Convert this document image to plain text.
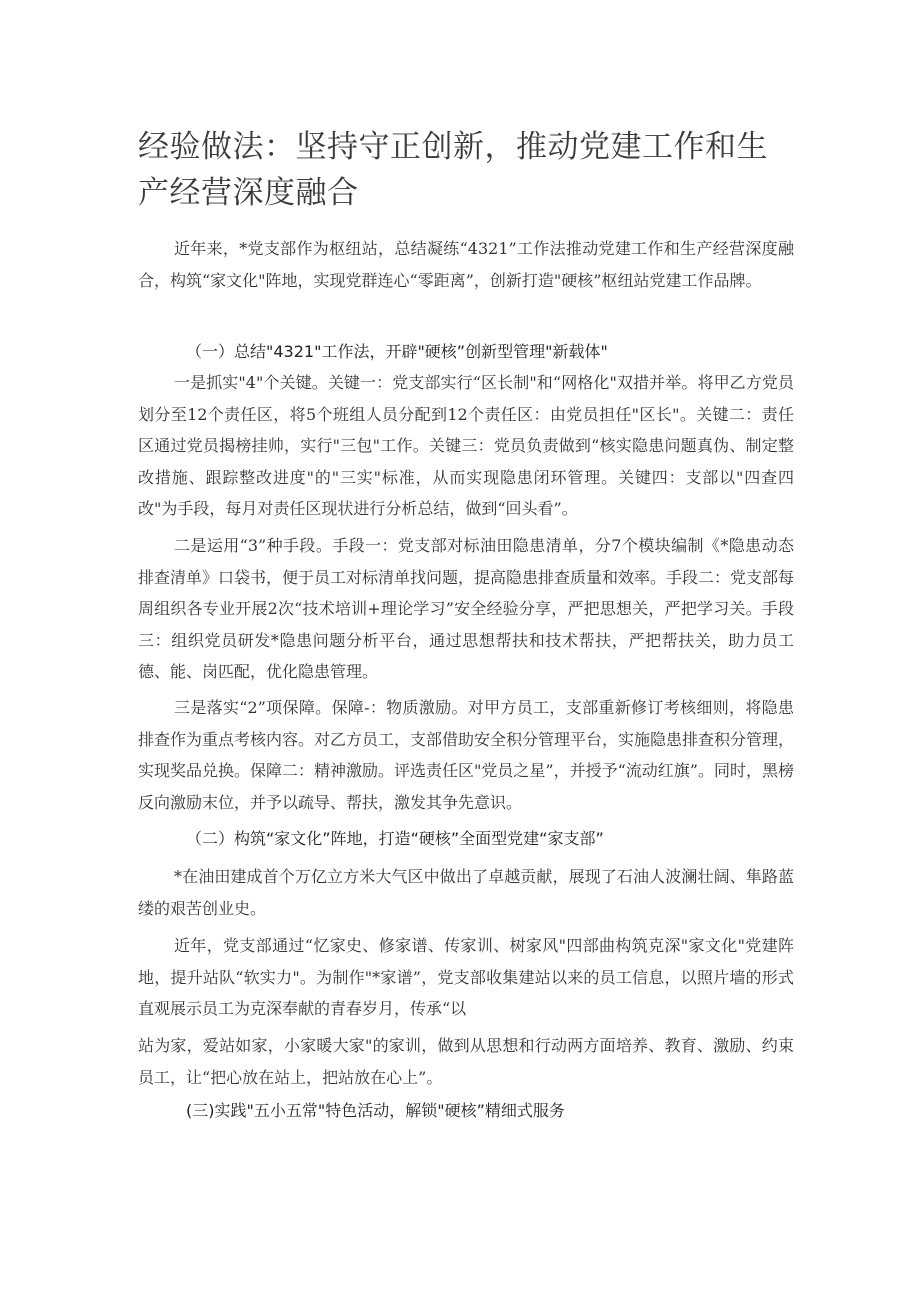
经验做法：坚持守正创新，推动党建工作和生产经营深度融合

近年来，*党支部作为枢纽站，总结凝练“4321”工作法推动党建工作和生产经营深度融合，构筑“家文化"阵地，实现党群连心“零距离”，创新打造"硬核”枢纽站党建工作品牌。

（一）总结"4321"工作法，开辟"硬核”创新型管理"新载体"

一是抓实"4"个关键。关键一：党支部实行“区长制"和“网格化"双措并举。将甲乙方党员划分至12个责任区，将5个班组人员分配到12个责任区：由党员担任"区长"。关键二：责任区通过党员揭榜挂帅，实行"三包"工作。关键三：党员负责做到“核实隐患问题真伪、制定整改措施、跟踪整改进度"的"三实"标准，从而实现隐患闭环管理。关键四：支部以"四查四改"为手段，每月对责任区现状进行分析总结，做到“回头看”。

二是运用“3”种手段。手段一：党支部对标油田隐患清单，分7个模块编制《*隐患动态排查清单》口袋书，便于员工对标清单找问题，提高隐患排查质量和效率。手段二：党支部每周组织各专业开展2次“技术培训+理论学习”安全经验分享，严把思想关，严把学习关。手段三：组织党员研发*隐患问题分析平台，通过思想帮扶和技术帮扶，严把帮扶关，助力员工德、能、岗匹配，优化隐患管理。

三是落实“2”项保障。保障-：物质激励。对甲方员工，支部重新修订考核细则，将隐患排查作为重点考核内容。对乙方员工，支部借助安全积分管理平台，实施隐患排查积分管理，实现奖品兑换。保障二：精神激励。评选责任区"党员之星”，并授予“流动红旗”。同时，黑榜反向激励末位，并予以疏导、帮扶，激发其争先意识。

（二）构筑“家文化”阵地，打造“硬核”全面型党建“家支部”

*在油田建成首个万亿立方米大气区中做出了卓越贡献，展现了石油人波澜壮阔、隼路蓝缕的艰苦创业史。

近年，党支部通过“忆家史、修家谱、传家训、树家风"四部曲构筑克深"家文化"党建阵地，提升站队“软实力"。为制作"*家谱”，党支部收集建站以来的员工信息，以照片墙的形式直观展示员工为克深奉献的青春岁月，传承“以

站为家，爱站如家，小家暖大家"的家训，做到从思想和行动两方面培养、教育、激励、约束员工，让“把心放在站上，把站放在心上”。

(三)实践"五小五常"特色活动，解锁"硬核”精细式服务
